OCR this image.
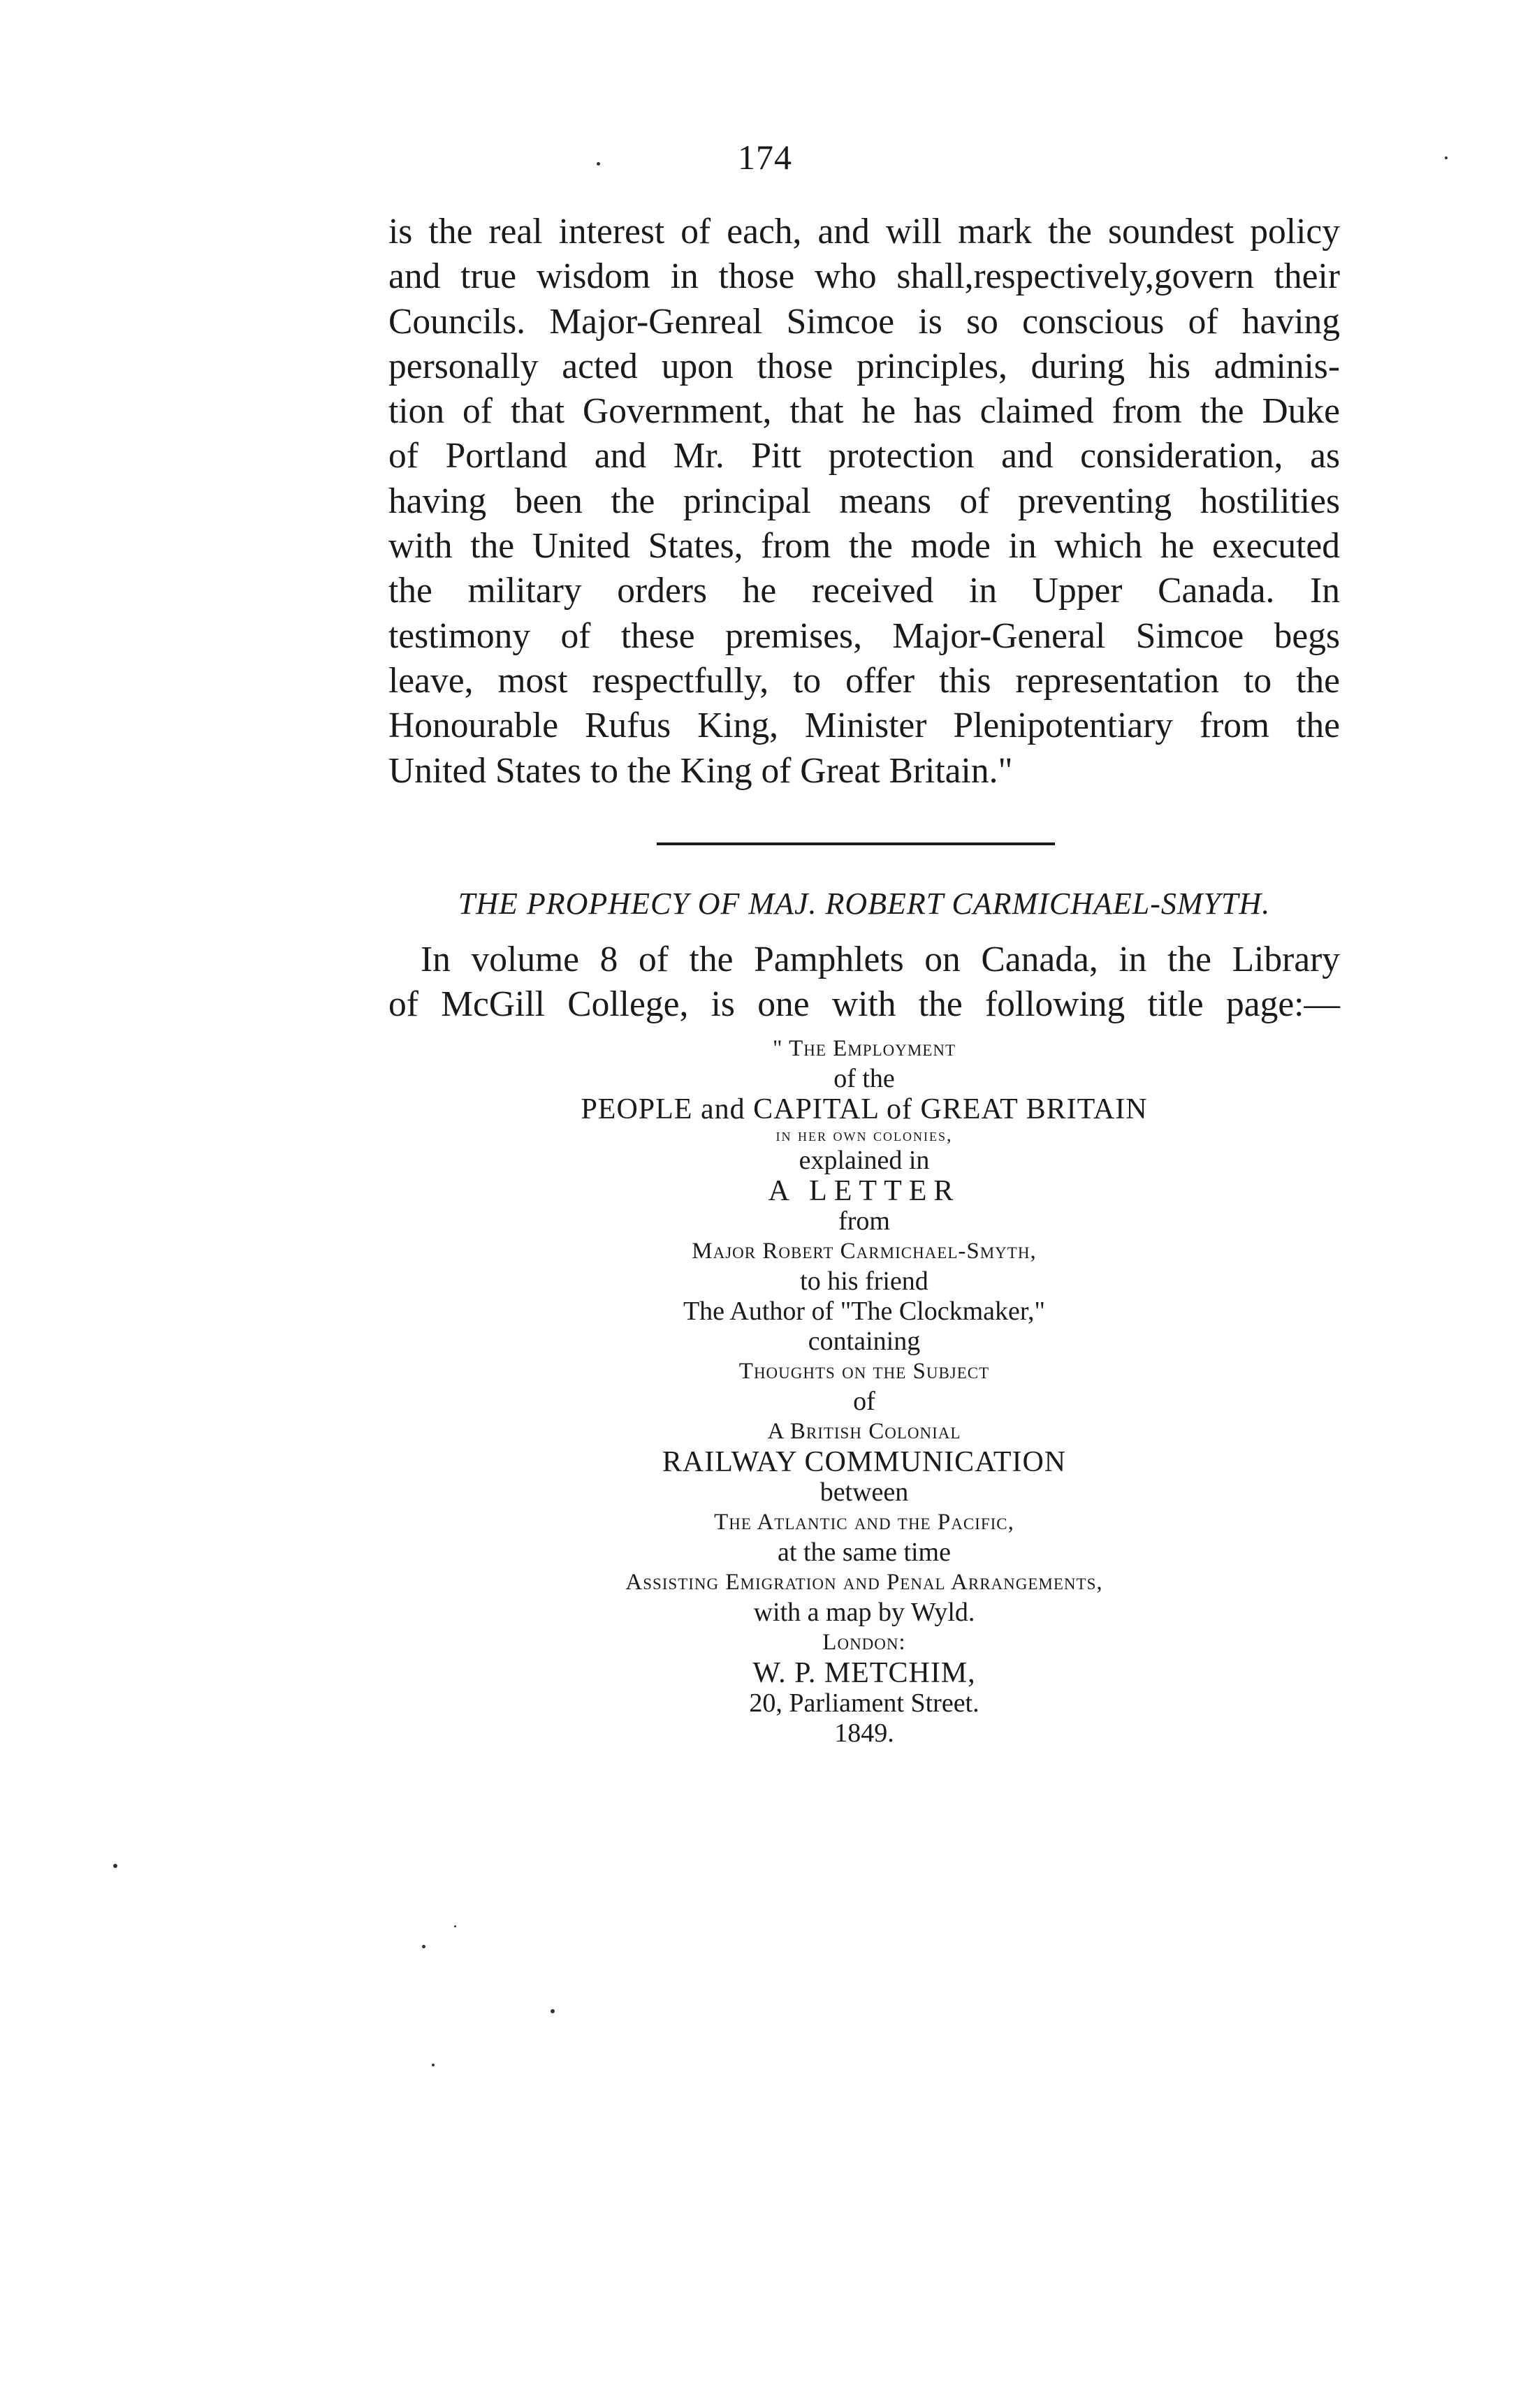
174
is the real interest of each, and will mark the soundest policy
and true wisdom in those who shall,respectively,govern their
Councils. Major-Genreal Simcoe is so conscious of having
personally acted upon those principles, during his adminis-
tion of that Government, that he has claimed from the Duke
of Portland and Mr. Pitt protection and consideration, as
having been the principal means of preventing hostilities
with the United States, from the mode in which he executed
the military orders he received in Upper Canada. In
testimony of these premises, Major-General Simcoe begs
leave, most respectfully, to offer this representation to the
Honourable Rufus King, Minister Plenipotentiary from the
United States to the King of Great Britain."
THE PROPHECY OF MAJ. ROBERT CARMICHAEL-SMYTH.
In volume 8 of the Pamphlets on Canada, in the Library
of McGill College, is one with the following title page:—
" The Employment
of the
PEOPLE and CAPITAL of GREAT BRITAIN
in her own colonies,
explained in
A LETTER
from
Major Robert Carmichael-Smyth,
to his friend
The Author of "The Clockmaker,"
containing
Thoughts on the Subject
of
A British Colonial
RAILWAY COMMUNICATION
between
The Atlantic and the Pacific,
at the same time
Assisting Emigration and Penal Arrangements,
with a map by Wyld.
London:
W. P. METCHIM,
20, Parliament Street.
1849.
